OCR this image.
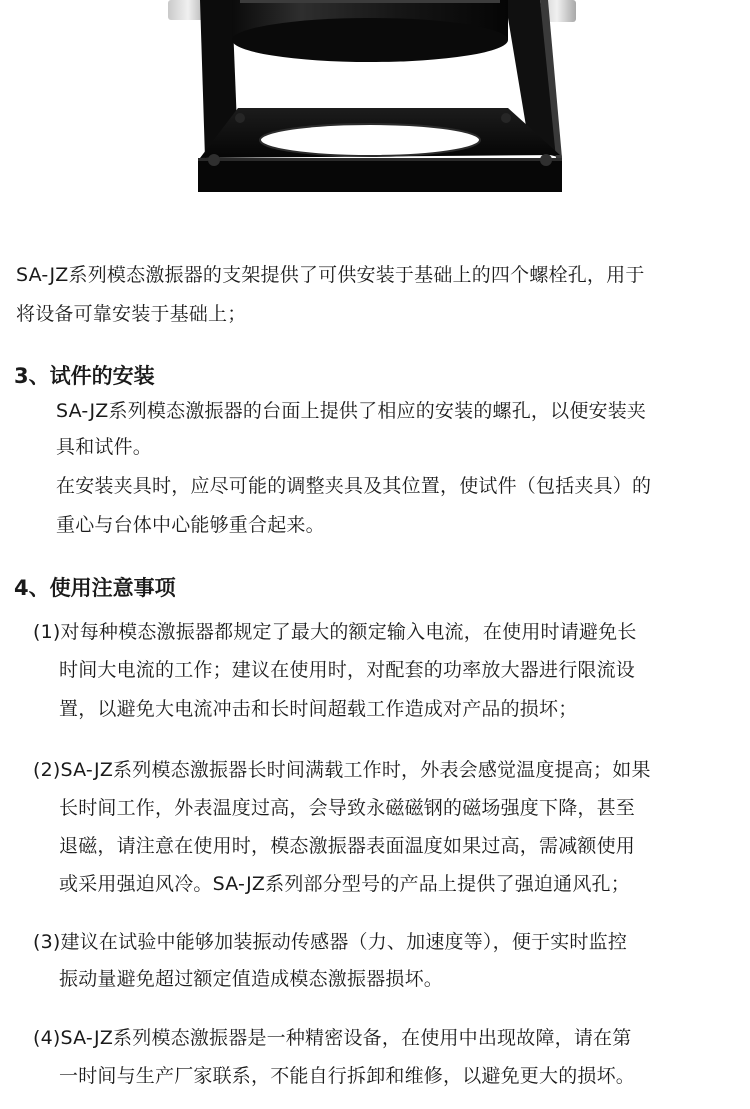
SA-JZ系列模态激振器的支架提供了可供安装于基础上的四个螺栓孔，用于

将设备可靠安装于基础上；

3、试件的安装

SA-JZ系列模态激振器的台面上提供了相应的安装的螺孔，以便安装夹

具和试件。

在安装夹具时，应尽可能的调整夹具及其位置，使试件（包括夹具）的

重心与台体中心能够重合起来。

4、使用注意事项

(1)对每种模态激振器都规定了最大的额定输入电流，在使用时请避免长

时间大电流的工作；建议在使用时，对配套的功率放大器进行限流设

置，以避免大电流冲击和长时间超载工作造成对产品的损坏；

(2)SA-JZ系列模态激振器长时间满载工作时，外表会感觉温度提高；如果

长时间工作，外表温度过高，会导致永磁磁钢的磁场强度下降，甚至

退磁，请注意在使用时，模态激振器表面温度如果过高，需减额使用

或采用强迫风冷。SA-JZ系列部分型号的产品上提供了强迫通风孔；

(3)建议在试验中能够加装振动传感器（力、加速度等），便于实时监控

振动量避免超过额定值造成模态激振器损坏。

(4)SA-JZ系列模态激振器是一种精密设备，在使用中出现故障，请在第

一时间与生产厂家联系，不能自行拆卸和维修，以避免更大的损坏。
